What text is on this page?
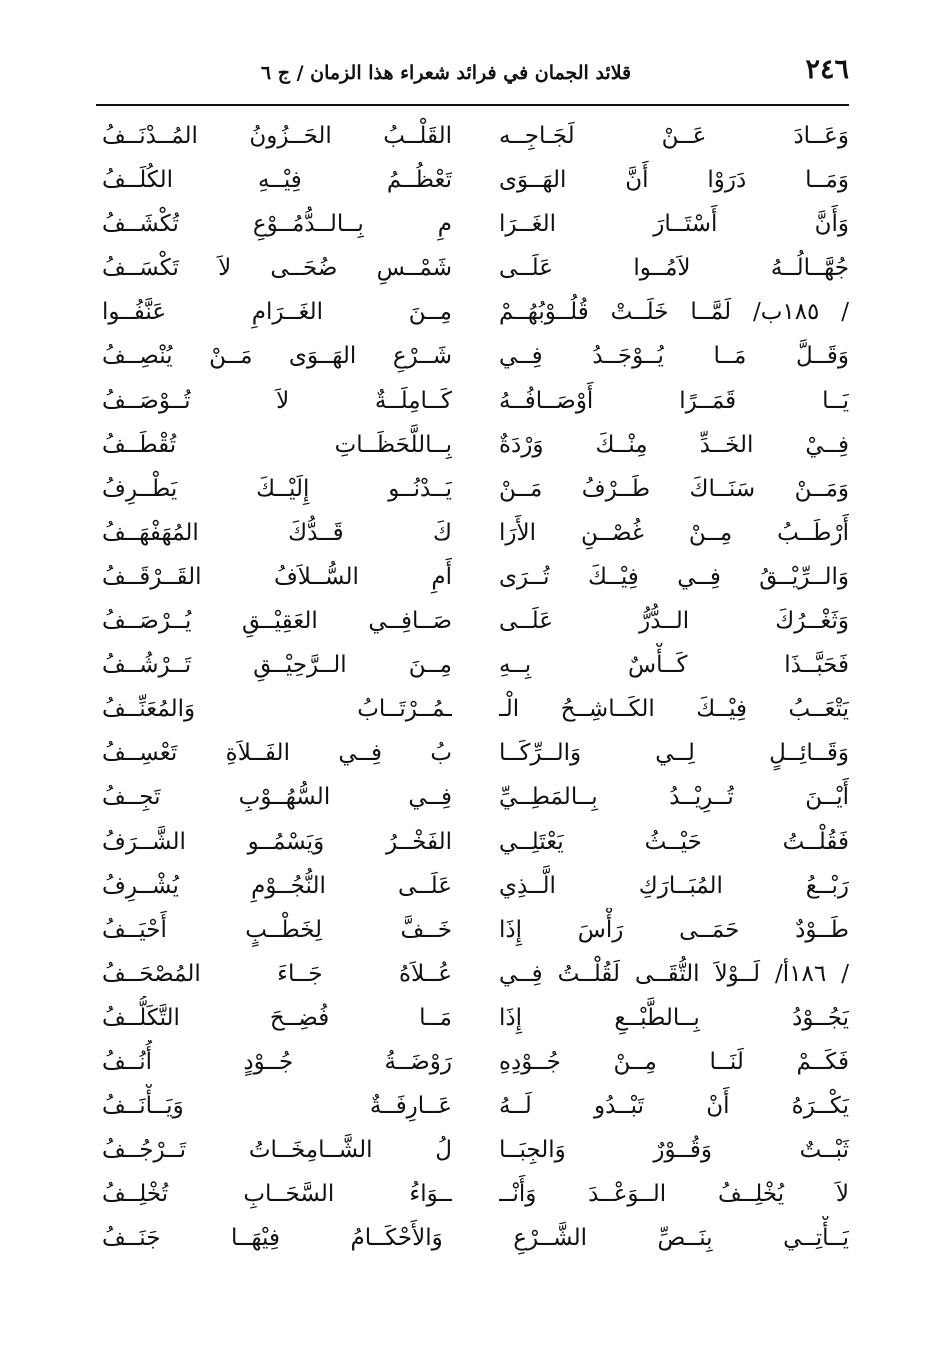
٢٤٦
قلائد الجمان في فرائد شعراء هذا الزمان / ج ٦
وَعَــادَ عَــنْ لَجَـاجِــه
القَلْــبُ الحَــزُونُ المُــدْنَــفُ
وَمَــا دَرَوْا أَنَّ الهَــوَى
تَعْظُــمُ فِيْــهِ الكُلَــفُ
وَأَنَّ أَسْتَــارَ الغَــرَا
مِ بِــالــدُّمُــوْعِ تُكْشَــفُ
جُهَّــالُــهُ لاَمُــوا عَلَــى
شَمْــسِ ضُحَــى لاَ تَكْسَــفُ
/ ١٨٥ب/ لَمَّــا خَلَــتْ قُلُــوْبُهُــمْ
مِــنَ الغَــرَامِ عَنَّفُــوا
وَقَــلَّ مَــا يُــوْجَــدُ فِــي
شَــرْعِ الهَــوَى مَــنْ يُنْصِــفُ
يَــا قَمَــرًا أَوْصَــافُــهُ
كَــامِلَــةٌ لاَ تُــوْصَــفُ
فِــيْ الخَــدِّ مِنْــكَ وَرْدَةٌ
بِــاللَّحَظَــاتِ تُقْطَــفُ
وَمَــنْ سَنَــاكَ طَــرْفُ مَــنْ
يَــدْنُــو إِلَيْــكَ يَطْــرِفُ
أَرْطَــبُ مِــنْ غُصْــنِ الأَرَا
كَ قَــدُّكَ المُهَفْهَــفُ
وَالــرِّيْــقُ فِــي فِيْــكَ تُــرَى
أَمِ السُّــلاَفُ القَــرْقَــفُ
وَثَغْــرُكَ الــدُّرُّ عَلَــى
صَــافِــي العَقِيْــقِ يُــرْصَــفُ
فَحَبَّــذَا كَــأْسٌ بِــهِ
مِــنَ الــرَّحِيْــقِ تَــرْشُــفُ
يَتْعَــبُ فِيْــكَ الكَــاشِــحُ الْـ
ـمُــرْتَــابُ وَالمُعَنِّــفُ
وَقَــائِــلٍ لِــي وَالــرِّكَــا
بُ فِــي الفَــلاَةِ تَعْسِــفُ
أَيْــنَ تُــرِيْــدُ بِــالمَطِــيِّ
فِــي السُّهُــوْبِ تَجِــفُ
فَقُلْــتُ حَيْــثُ يَعْتَلِــي
الفَخْــرُ وَيَسْمُــو الشَّــرَفُ
رَبْــعُ المُبَــارَكِ الَّــذِي
عَلَــى النُّجُــوْمِ يُشْــرِفُ
طَــوْدٌ حَمَــى رَأْسَ إِذَا
خَــفَّ لِخَطْــبٍ أَحْيَــفُ
/ ١٨٦أ/ لَــوْلاَ التُّقَــى لَقُلْــتُ فِــي
عُــلاَهُ جَــاءَ المُصْحَــفُ
يَجُــوْدُ بِــالطَّبْــعِ إِذَا
مَــا فُضِــحَ التَّكَلُّــفُ
فَكَــمْ لَنَــا مِــنْ جُــوْدِهِ
رَوْضَــةُ جُــوْدٍ أُنُــفُ
يَكْــرَهُ أَنْ تَبْــدُو لَــهُ
عَــارِفَــةٌ وَيَــأْنَــفُ
ثَبْــتٌ وَقُــوْرٌ وَالجِبَــا
لُ الشَّــامِخَــاتُ تَــرْجُــفُ
لاَ يُخْلِــفُ الــوَعْــدَ وَأَنْــ
ــوَاءُ السَّحَــابِ تُخْلِــفُ
يَــأْتِــي بِنَــصِّ الشَّــرْعِ وَالأَحْكَــامُ فِيْهَــا جَنَــفُ
